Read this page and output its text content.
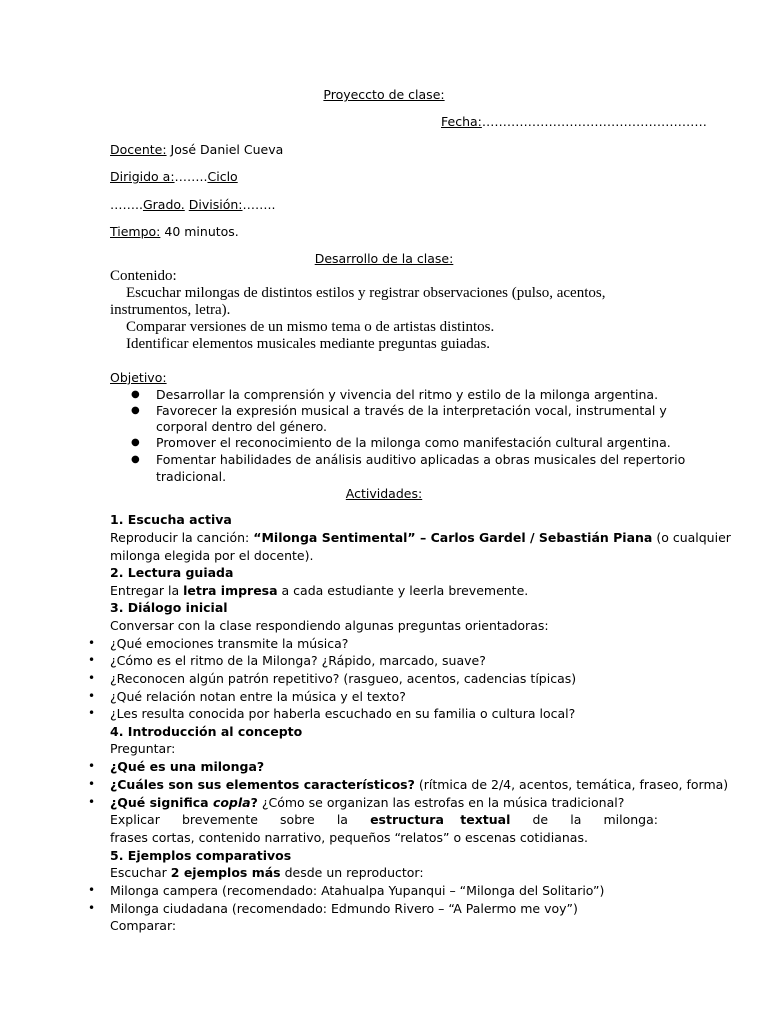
Proyeccto de clase:
Fecha:………………………………………………
Docente: José Daniel Cueva
Dirigido a:……..Ciclo
……..Grado. División:……..
Tiempo: 40 minutos.
Desarrollo de la clase:
Contenido:
Escuchar milongas de distintos estilos y registrar observaciones (pulso, acentos,
instrumentos, letra).
Comparar versiones de un mismo tema o de artistas distintos.
Identificar elementos musicales mediante preguntas guiadas.
Objetivo:
● Desarrollar la comprensión y vivencia del ritmo y estilo de la milonga argentina.
● Favorecer la expresión musical a través de la interpretación vocal, instrumental y
corporal dentro del género.
● Promover el reconocimiento de la milonga como manifestación cultural argentina.
● Fomentar habilidades de análisis auditivo aplicadas a obras musicales del repertorio
tradicional.
Actividades:
1. Escucha activa
Reproducir la canción: “Milonga Sentimental” – Carlos Gardel / Sebastián Piana (o cualquier
milonga elegida por el docente).
2. Lectura guiada
Entregar la letra impresa a cada estudiante y leerla brevemente.
3. Diálogo inicial
Conversar con la clase respondiendo algunas preguntas orientadoras:
• ¿Qué emociones transmite la música?
• ¿Cómo es el ritmo de la Milonga? ¿Rápido, marcado, suave?
• ¿Reconocen algún patrón repetitivo? (rasgueo, acentos, cadencias típicas)
• ¿Qué relación notan entre la música y el texto?
• ¿Les resulta conocida por haberla escuchado en su familia o cultura local?
4. Introducción al concepto
Preguntar:
• ¿Qué es una milonga?
• ¿Cuáles son sus elementos característicos? (rítmica de 2/4, acentos, temática, fraseo, forma)
• ¿Qué significa copla? ¿Cómo se organizan las estrofas en la música tradicional?
Explicar brevemente sobre la estructura textual de la milonga:
frases cortas, contenido narrativo, pequeños “relatos” o escenas cotidianas.
5. Ejemplos comparativos
Escuchar 2 ejemplos más desde un reproductor:
• Milonga campera (recomendado: Atahualpa Yupanqui – “Milonga del Solitario”)
• Milonga ciudadana (recomendado: Edmundo Rivero – “A Palermo me voy”)
Comparar:
